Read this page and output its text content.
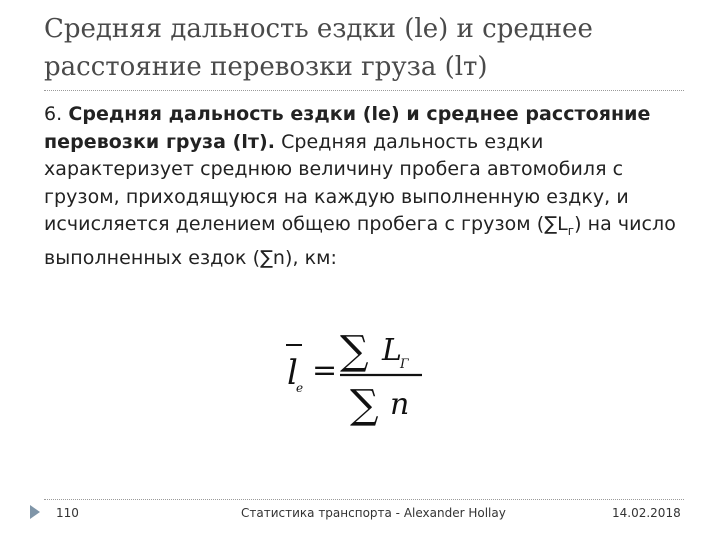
Средняя дальность ездки (lе) и среднее расстояние перевозки груза (lт)

6. Средняя дальность ездки (lе) и среднее расстояние перевозки груза (lт). Средняя дальность ездки характеризует среднюю величину пробега автомобиля с грузом, приходящуюся на каждую выполненную ездку, и исчисляется делением общею пробега с грузом $(\sum L_г)$ на число выполненных ездок (∑n), км:

l
e = ∑ L
Г
∑ n
110	Статистика транспорта - Alexander Hollay	14.02.2018
